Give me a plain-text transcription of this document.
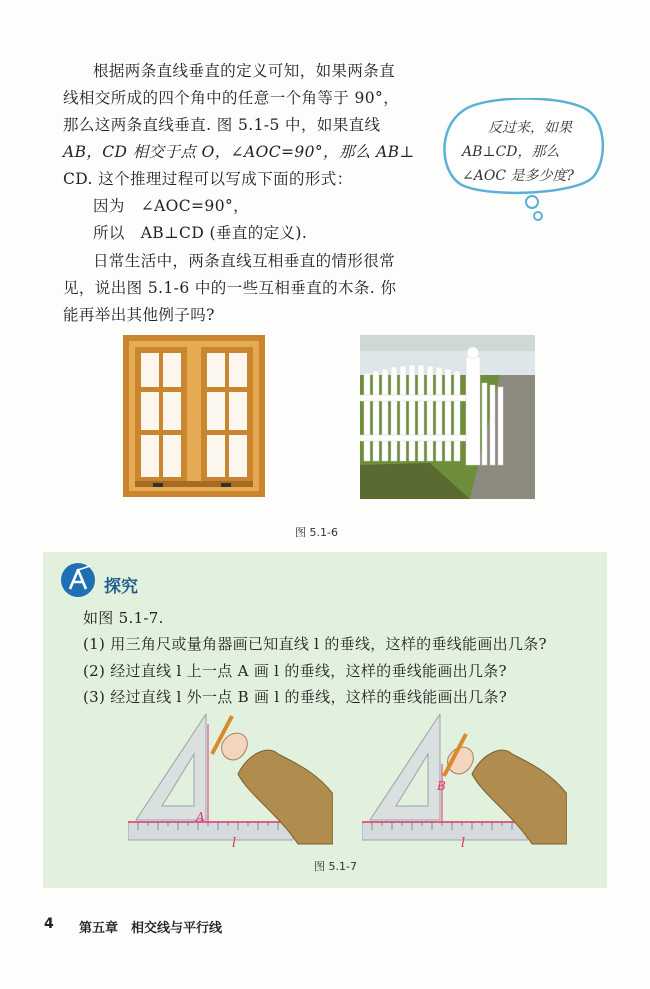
根据两条直线垂直的定义可知，如果两条直
线相交所成的四个角中的任意一个角等于 90°，
那么这两条直线垂直. 图 5.1-5 中，如果直线
AB，CD 相交于点 O，∠AOC=90°，那么 AB⊥
CD. 这个推理过程可以写成下面的形式：
因为　∠AOC=90°，
所以　AB⊥CD (垂直的定义).
反过来，如果
AB⊥CD，那么
∠AOC 是多少度?
日常生活中，两条直线互相垂直的情形很常
见，说出图 5.1-6 中的一些互相垂直的木条. 你
能再举出其他例子吗?
图 5.1-6
探究
如图 5.1-7.
(1) 用三角尺或量角器画已知直线 l 的垂线，这样的垂线能画出几条?
(2) 经过直线 l 上一点 A 画 l 的垂线，这样的垂线能画出几条?
(3) 经过直线 l 外一点 B 画 l 的垂线，这样的垂线能画出几条?
A
l
B
l
图 5.1-7
4 第五章　相交线与平行线
